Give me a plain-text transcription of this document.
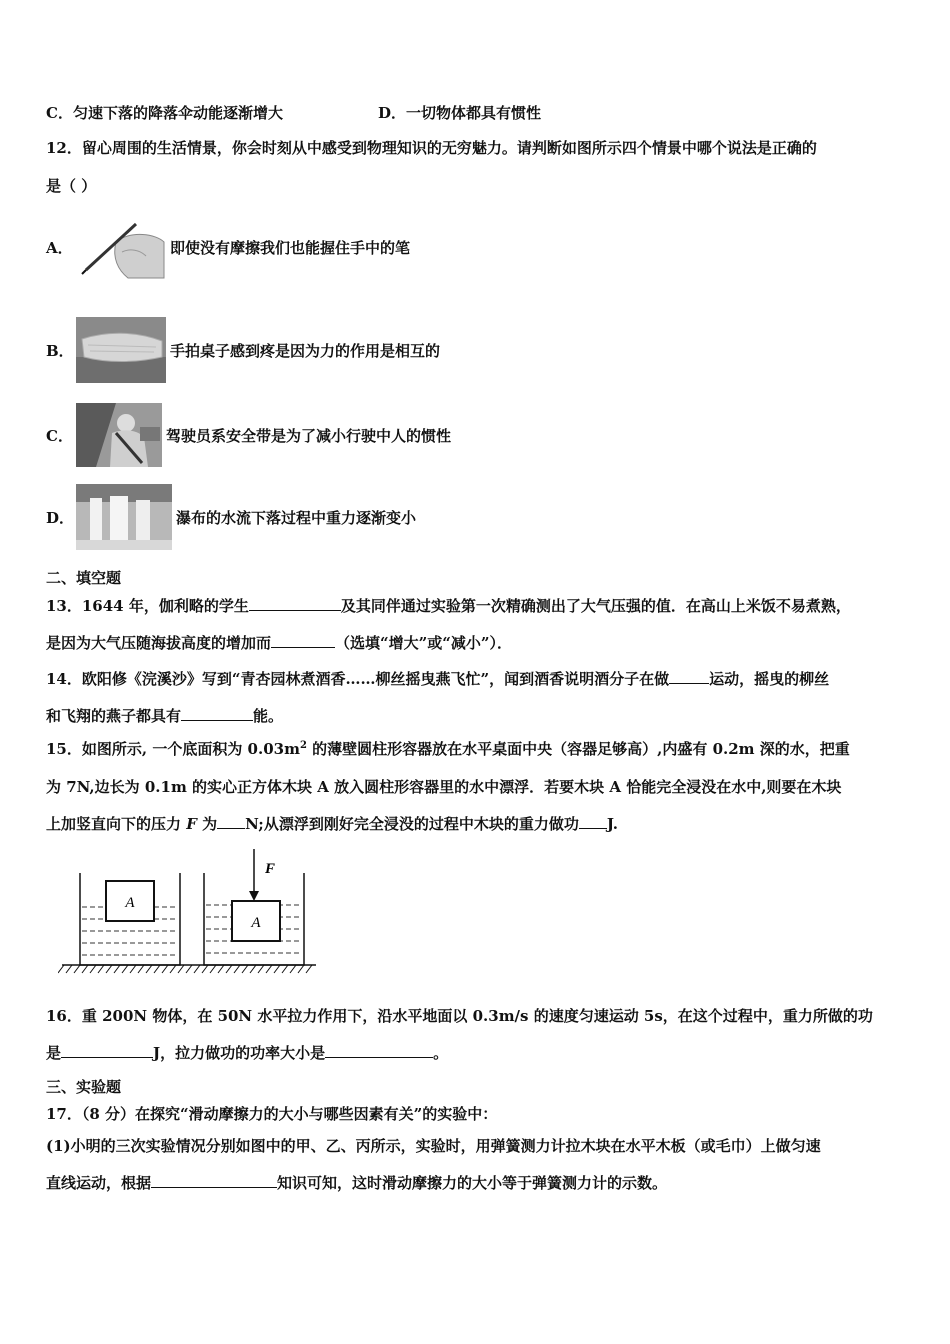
C．匀速下落的降落伞动能逐渐增大	D．一切物体都具有惯性
12．留心周围的生活情景，你会时刻从中感受到物理知识的无穷魅力。请判断如图所示四个情景中哪个说法是正确的
是（ ）
A．	即使没有摩擦我们也能握住手中的笔
B．	手拍桌子感到疼是因为力的作用是相互的
C．	驾驶员系安全带是为了减小行驶中人的惯性
D．	瀑布的水流下落过程中重力逐渐变小
二、填空题
13．1644 年，伽利略的学生	及其同伴通过实验第一次精确测出了大气压强的值．在高山上米饭不易煮熟，
是因为大气压随海拔高度的增加而	（选填“增大”或“减小”）．
14．欧阳修《浣溪沙》写到“青杏园林煮酒香……柳丝摇曳燕飞忙”，闻到酒香说明酒分子在做	运动，摇曳的柳丝
和飞翔的燕子都具有	能。
15．如图所示, 一个底面积为 $0.03m^2$ 的薄壁圆柱形容器放在水平桌面中央（容器足够高）,内盛有 0.2m 深的水，把重
为 7N,边长为 0.1m 的实心正方体木块 A 放入圆柱形容器里的水中漂浮．若要木块 A 恰能完全浸没在水中,则要在木块
上加竖直向下的压力 F 为 N;从漂浮到刚好完全浸没的过程中木块的重力做功 J.
A
A
F
16．重 200N 物体，在 50N 水平拉力作用下，沿水平地面以 0.3m/s 的速度匀速运动 5s，在这个过程中，重力所做的功
是	J，拉力做功的功率大小是	。
三、实验题
17．（8 分）在探究“滑动摩擦力的大小与哪些因素有关”的实验中：
(1)小明的三次实验情况分别如图中的甲、乙、丙所示，实验时，用弹簧测力计拉木块在水平木板（或毛巾）上做匀速
直线运动，根据	知识可知，这时滑动摩擦力的大小等于弹簧测力计的示数。
